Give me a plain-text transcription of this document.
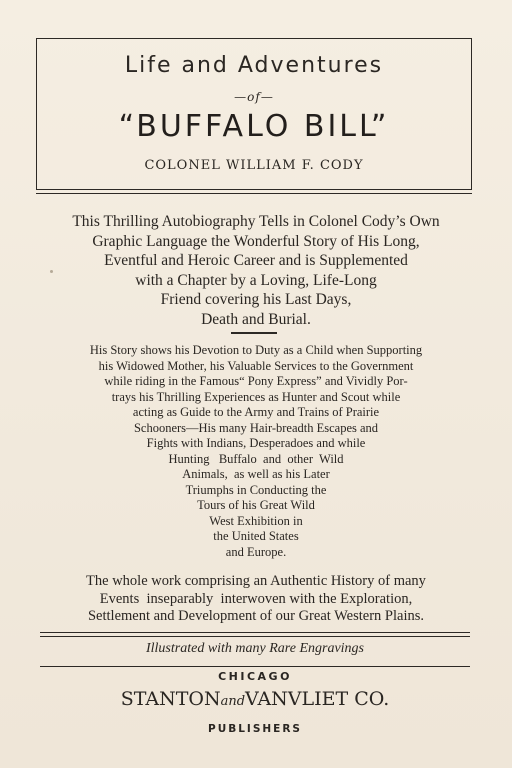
Life and Adventures
—of—
“BUFFALO BILL”
COLONEL WILLIAM F. CODY
This Thrilling Autobiography Tells in Colonel Cody’s Own
Graphic Language the Wonderful Story of His Long,
Eventful and Heroic Career and is Supplemented
with a Chapter by a Loving, Life-Long
Friend covering his Last Days,
Death and Burial.
His Story shows his Devotion to Duty as a Child when Supporting
his Widowed Mother, his Valuable Services to the Government
while riding in the Famous“ Pony Express” and Vividly Por-
trays his Thrilling Experiences as Hunter and Scout while
acting as Guide to the Army and Trains of Prairie
Schooners—His many Hair-breadth Escapes and
Fights with Indians, Desperadoes and while
Hunting   Buffalo  and  other  Wild
Animals,  as well as his Later
Triumphs in Conducting the
Tours of his Great Wild
West Exhibition in
the United States
and Europe.
The whole work comprising an Authentic History of many
Events  inseparably  interwoven with the Exploration,
Settlement and Development of our Great Western Plains.
Illustrated with many Rare Engravings
CHICAGO
STANTONandVANVLIET CO.
PUBLISHERS
